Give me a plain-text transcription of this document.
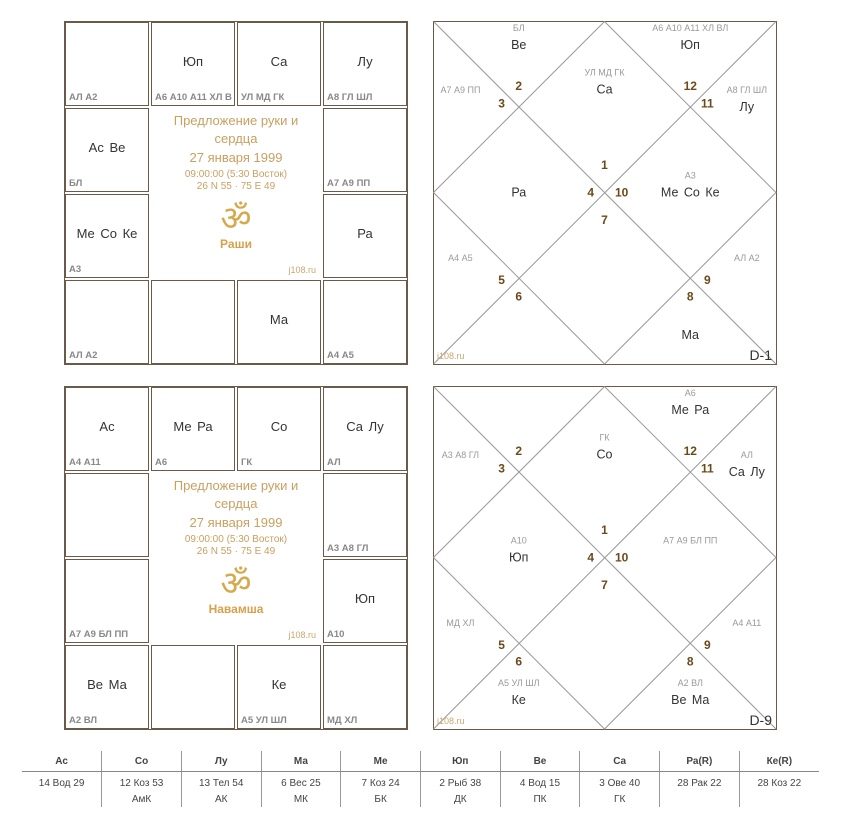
Юп
А6 А10 А11 ХЛ В
Са
УЛ МД ГК
Лу
А8 ГЛ ШЛ
А7 А9 ПП
Ра
А4 А5
Ма
АЛ А2
Ме Со Ке
А3
Ас Ве
БЛ
АЛ А2
Предложение руки и
сердца
27 января 1999
09:00:00 (5:30 Восток)
26 N 55 · 75 E 49
ॐ
Раши
j108.ru
Ме Ра
А6
Со
ГК
Са Лу
АЛ
А3 А8 ГЛ
Юп
А10
МД ХЛ
Ке
А5 УЛ ШЛ
Ве Ма
А2 ВЛ
А7 А9 БЛ ПП
Ас
А4 А11
Предложение руки и
сердца
27 января 1999
09:00:00 (5:30 Восток)
26 N 55 · 75 E 49
ॐ
Навамша
j108.ru
1
УЛ МД ГК
Са	12
А6 А10 А11 ХЛ ВЛ
Юп
11
А8 ГЛ ШЛ
Лу
10
А3
Ме Со Ке
9
АЛ А2
8
Ма
7
6
5
А4 А5
4
Ра
3
А7 А9 ПП	2
БЛ
Ве
j108.ru	D-1
1
ГК
Со	12
А6
Ме Ра
11
АЛ
Са Лу
10
А7 А9 БЛ ПП
9
А4 А11
8
А2 ВЛ
Ве Ма
7
6
А5 УЛ ШЛ
Ке
5
МД ХЛ
4
А10
Юп
3
А3 А8 ГЛ	2
j108.ru	D-9
Ас	Со	Лу	Ма	Ме	Юп	Ве	Са	Ра(R)	Ке(R)
14 Вод 29	12 Коз 53	13 Тел 54	6 Вес 25	7 Коз 24	2 Рыб 38	4 Вод 15	3 Ове 40	28 Рак 22	28 Коз 22
	АмК	АК	МК	БК	ДК	ПК	ГК		
